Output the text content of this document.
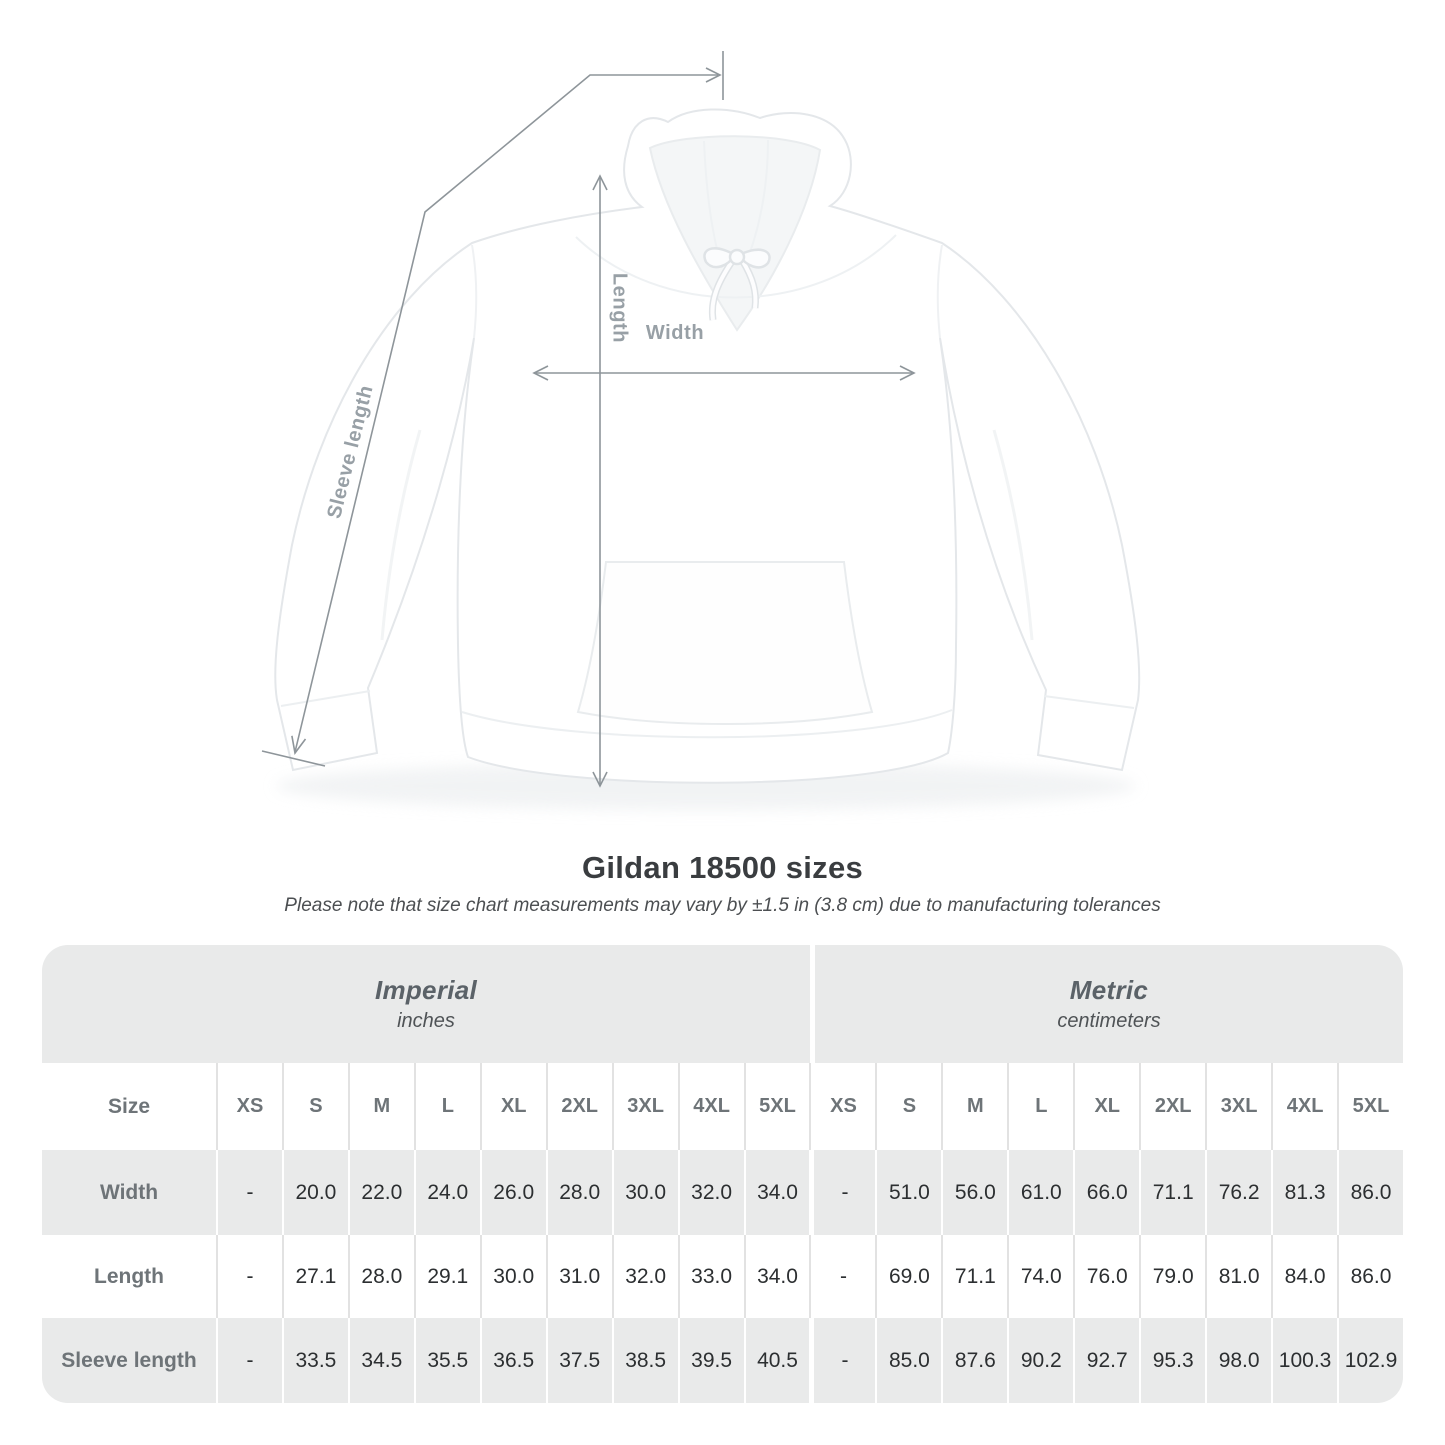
Length Width
Sleeve length
Gildan 18500 sizes
Please note that size chart measurements may vary by ±1.5 in (3.8 cm) due to manufacturing tolerances
Imperial
inches
Metric
centimeters
Size	XS	S	M	L	XL	2XL	3XL	4XL	5XL	XS	S	M	L	XL	2XL	3XL	4XL	5XL
Width	-	20.0	22.0	24.0	26.0	28.0	30.0	32.0	34.0	-	51.0	56.0	61.0	66.0	71.1	76.2	81.3	86.0
Length	-	27.1	28.0	29.1	30.0	31.0	32.0	33.0	34.0	-	69.0	71.1	74.0	76.0	79.0	81.0	84.0	86.0
Sleeve length	-	33.5	34.5	35.5	36.5	37.5	38.5	39.5	40.5	-	85.0	87.6	90.2	92.7	95.3	98.0 100.3 102.9
